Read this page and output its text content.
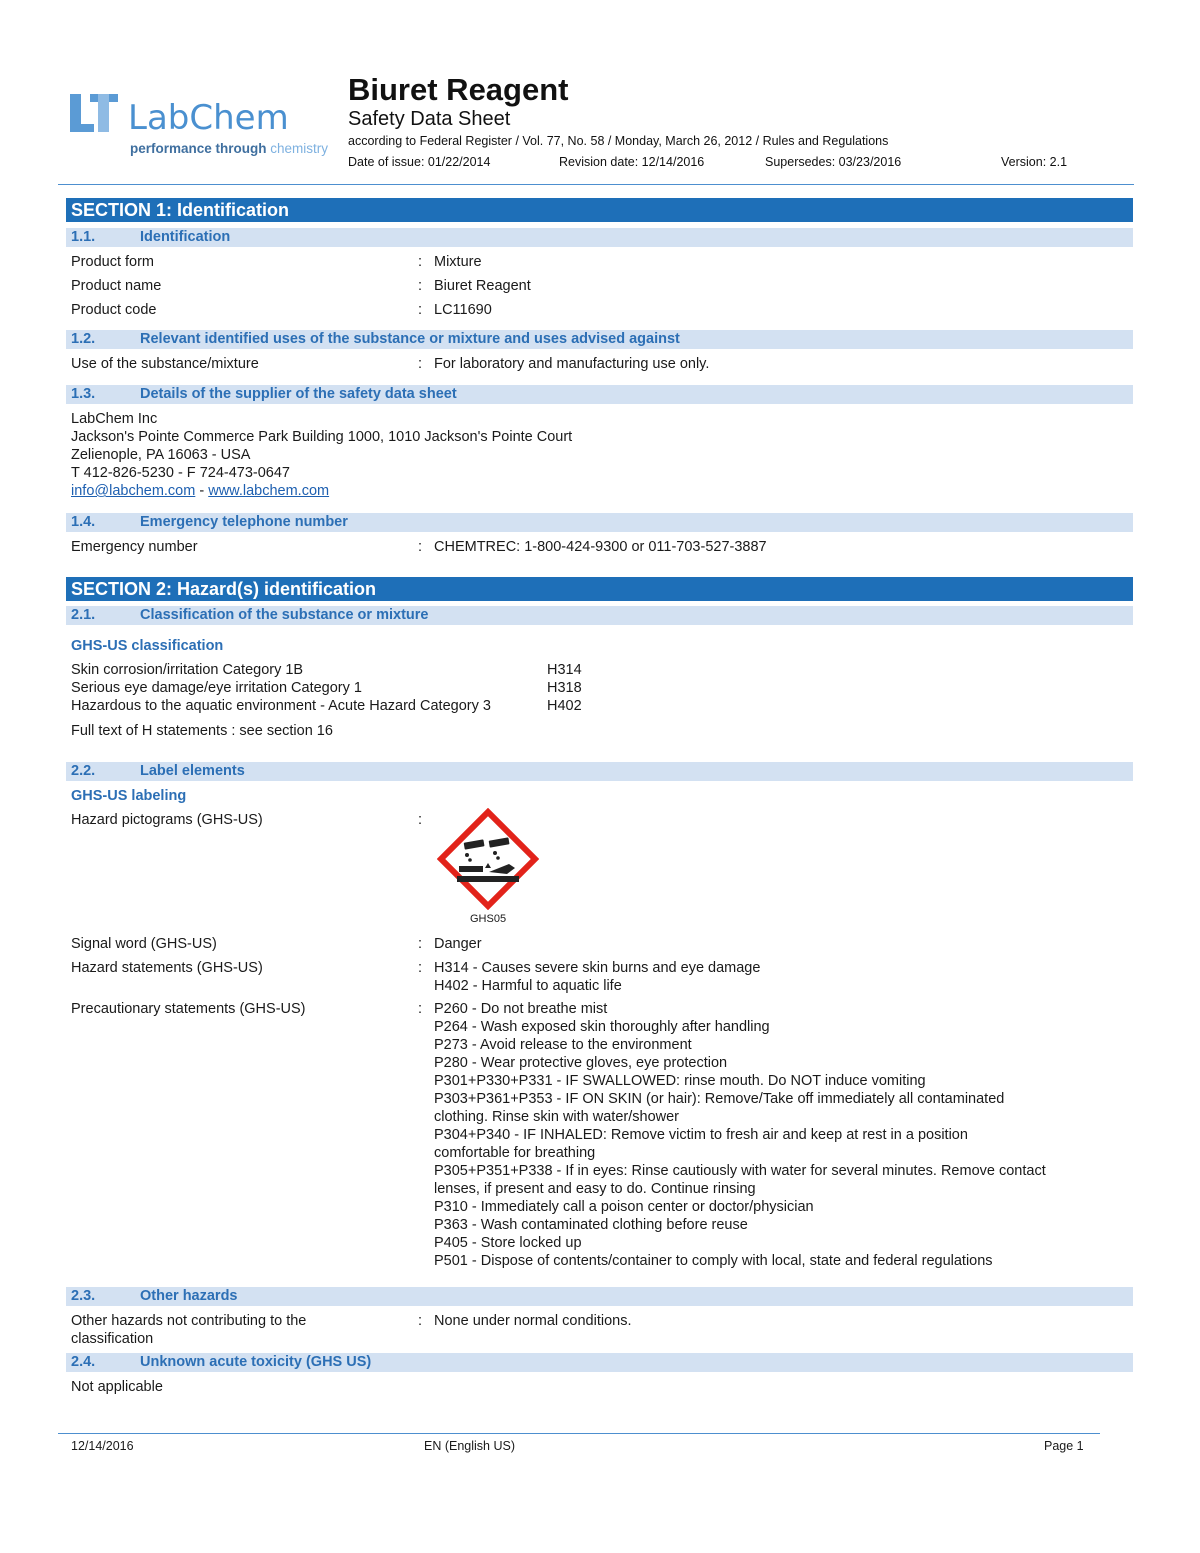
LabChem
performance through chemistry
Biuret Reagent
Safety Data Sheet
according to Federal Register / Vol. 77, No. 58 / Monday, March 26, 2012 / Rules and Regulations
Date of issue: 01/22/2014	Revision date: 12/14/2016	Supersedes: 03/23/2016	Version: 2.1
SECTION 1: Identification
1.1.	Identification
Product form	: Mixture
Product name	: Biuret Reagent
Product code	: LC11690
1.2.	Relevant identified uses of the substance or mixture and uses advised against
Use of the substance/mixture	: For laboratory and manufacturing use only.
1.3.	Details of the supplier of the safety data sheet
LabChem Inc
Jackson's Pointe Commerce Park Building 1000, 1010 Jackson's Pointe Court
Zelienople, PA 16063 - USA
T 412-826-5230 - F 724-473-0647
info@labchem.com - www.labchem.com
1.4.	Emergency telephone number
Emergency number	: CHEMTREC: 1-800-424-9300 or 011-703-527-3887
SECTION 2: Hazard(s) identification
2.1.	Classification of the substance or mixture
GHS-US classification
Skin corrosion/irritation Category 1B	H314
Serious eye damage/eye irritation Category 1	H318
Hazardous to the aquatic environment - Acute Hazard Category 3	H402
Full text of H statements : see section 16
2.2.	Label elements
GHS-US labeling
Hazard pictograms (GHS-US)	:
GHS05
Signal word (GHS-US)	: Danger
Hazard statements (GHS-US)	: H314 - Causes severe skin burns and eye damage
H402 - Harmful to aquatic life
Precautionary statements (GHS-US)	: P260 - Do not breathe mist
P264 - Wash exposed skin thoroughly after handling
P273 - Avoid release to the environment
P280 - Wear protective gloves, eye protection
P301+P330+P331 - IF SWALLOWED: rinse mouth. Do NOT induce vomiting
P303+P361+P353 - IF ON SKIN (or hair): Remove/Take off immediately all contaminated
clothing. Rinse skin with water/shower
P304+P340 - IF INHALED: Remove victim to fresh air and keep at rest in a position
comfortable for breathing
P305+P351+P338 - If in eyes: Rinse cautiously with water for several minutes. Remove contact
lenses, if present and easy to do. Continue rinsing
P310 - Immediately call a poison center or doctor/physician
P363 - Wash contaminated clothing before reuse
P405 - Store locked up
P501 - Dispose of contents/container to comply with local, state and federal regulations
2.3.	Other hazards
Other hazards not contributing to the
classification
: None under normal conditions.
2.4.	Unknown acute toxicity (GHS US)
Not applicable
12/14/2016	EN (English US)	Page 1
